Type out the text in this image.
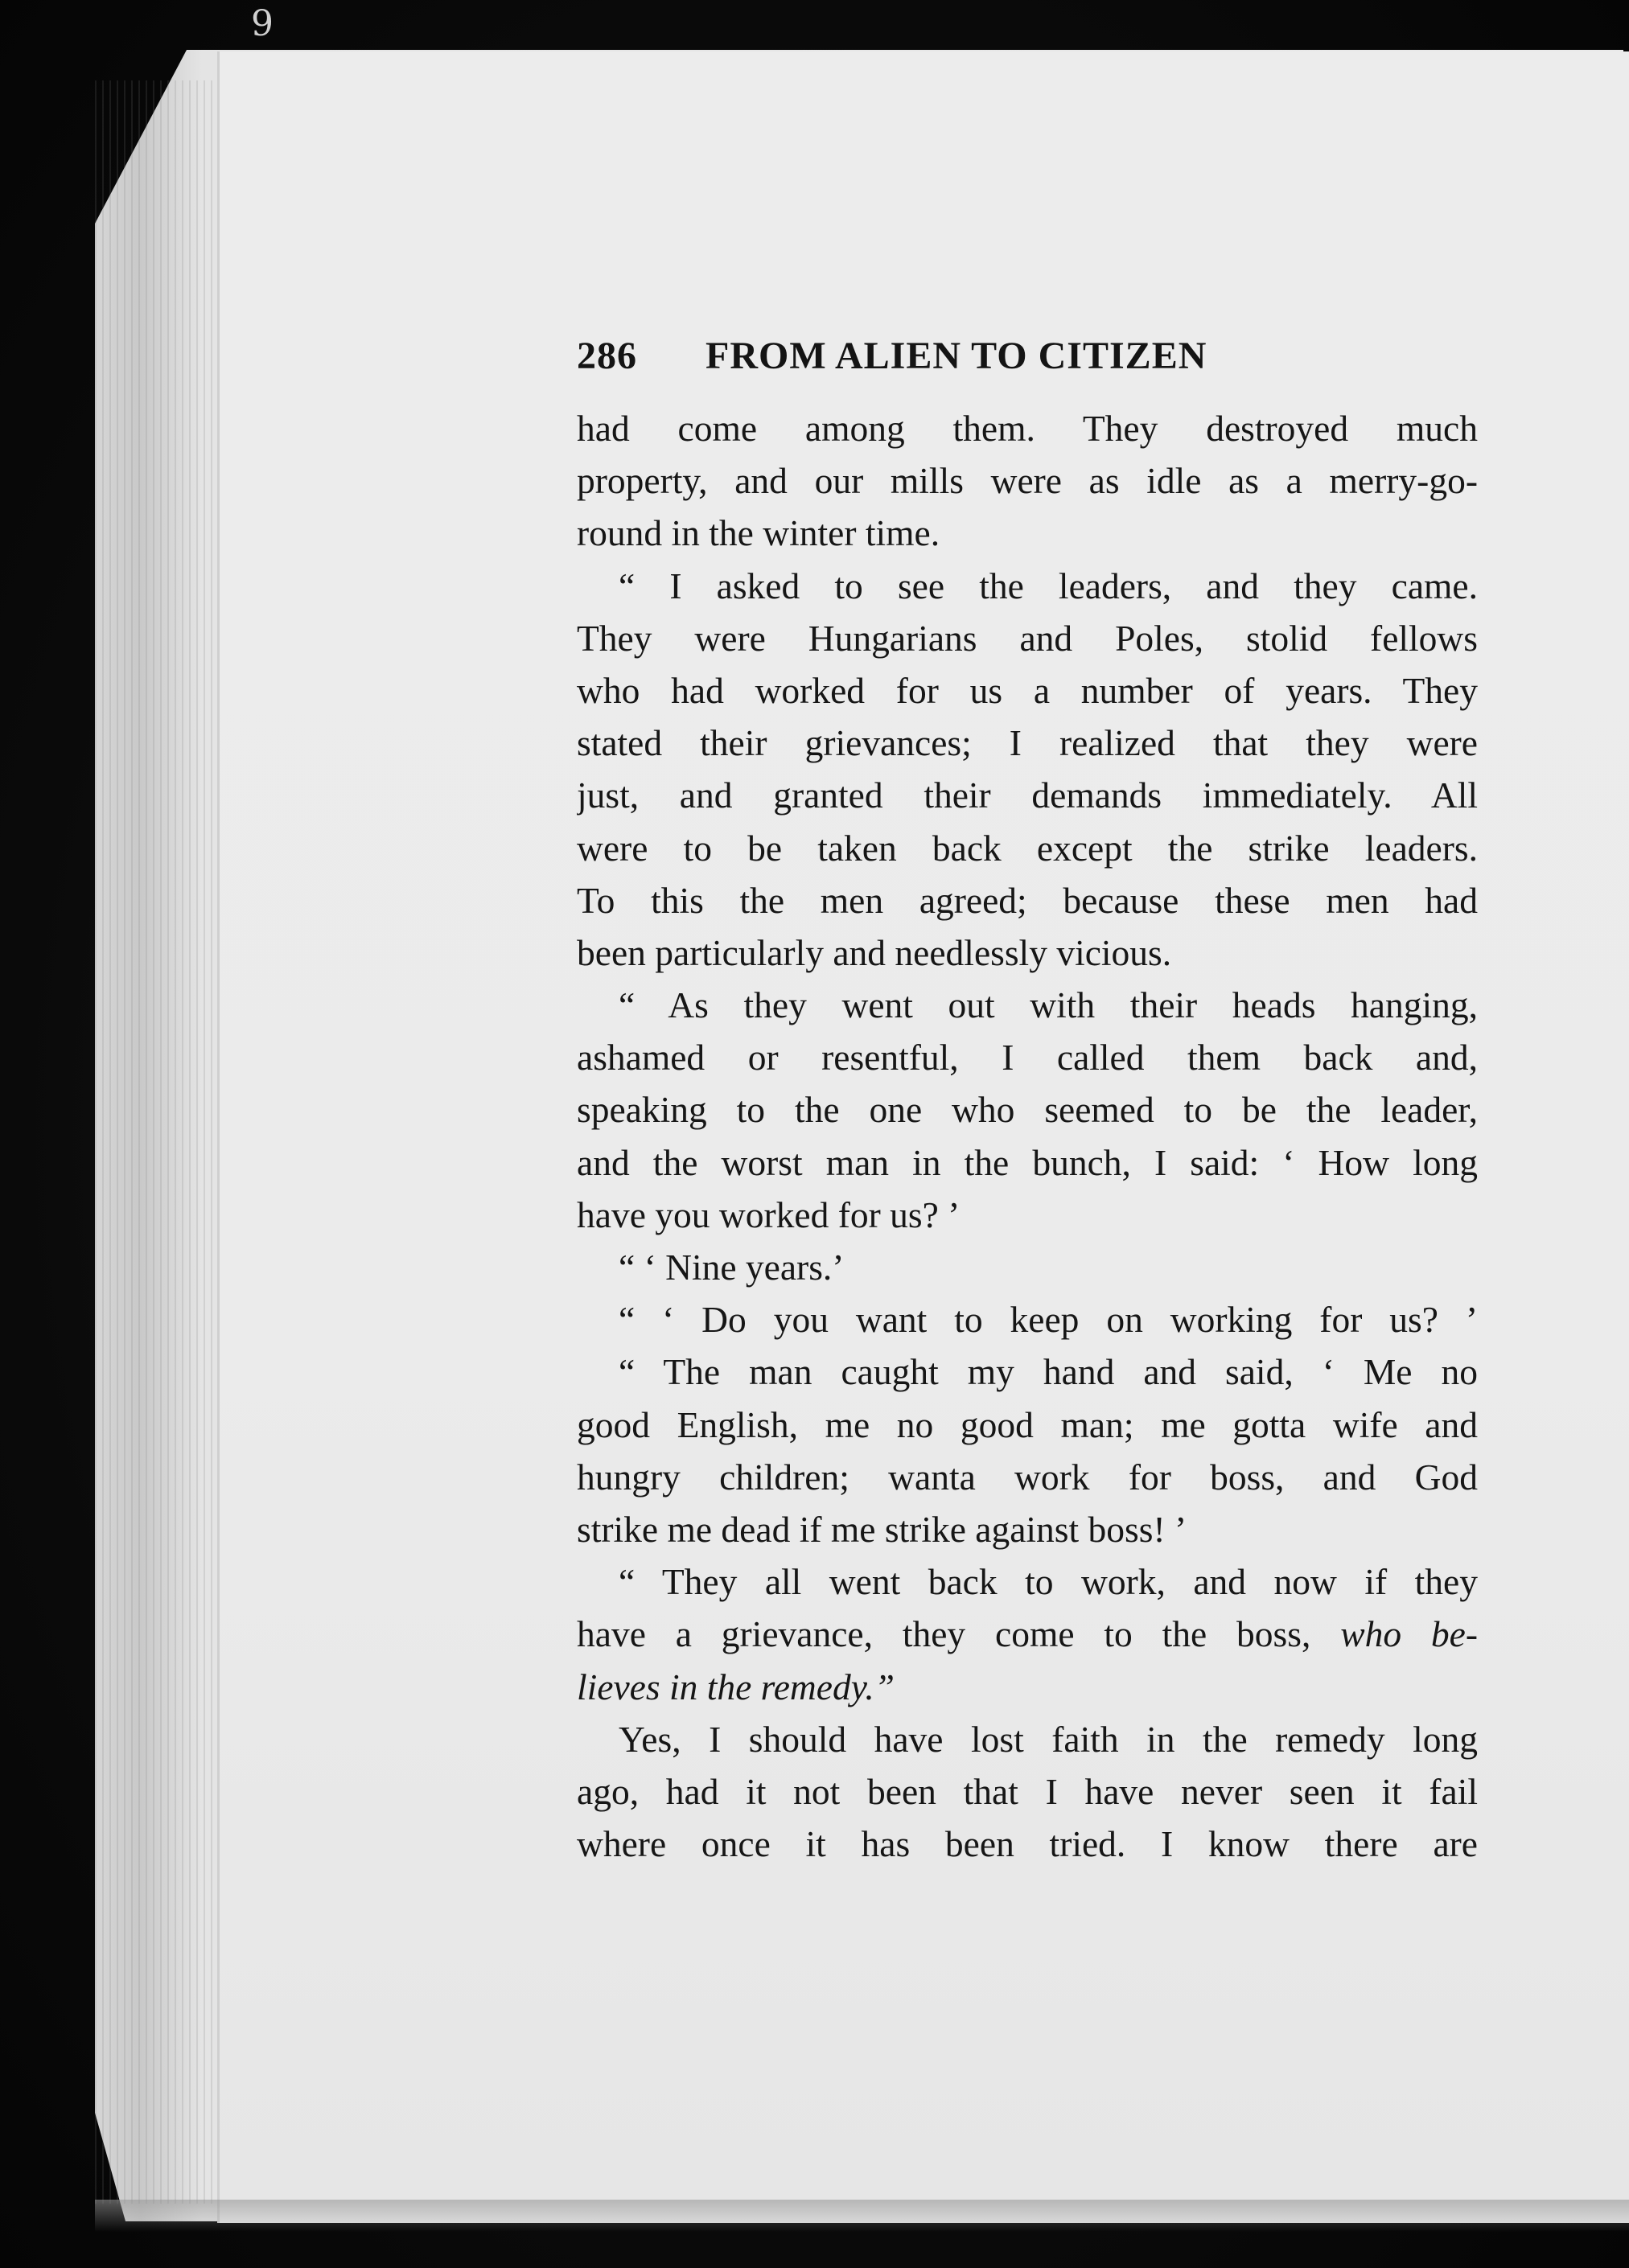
9
286 FROM ALIEN TO CITIZEN
had come among them. They destroyed much
property, and our mills were as idle as a merry-go-
round in the winter time.
“ I asked to see the leaders, and they came.
They were Hungarians and Poles, stolid fellows
who had worked for us a number of years. They
stated their grievances; I realized that they were
just, and granted their demands immediately. All
were to be taken back except the strike leaders.
To this the men agreed; because these men had
been particularly and needlessly vicious.
“ As they went out with their heads hanging,
ashamed or resentful, I called them back and,
speaking to the one who seemed to be the leader,
and the worst man in the bunch, I said: ‘ How long
have you worked for us? ’
“ ‘ Nine years.’
“ ‘ Do you want to keep on working for us? ’
“ The man caught my hand and said, ‘ Me no
good English, me no good man; me gotta wife and
hungry children; wanta work for boss, and God
strike me dead if me strike against boss! ’
“ They all went back to work, and now if they
have a grievance, they come to the boss, who be-
lieves in the remedy.”
Yes, I should have lost faith in the remedy long
ago, had it not been that I have never seen it fail
where once it has been tried. I know there are
